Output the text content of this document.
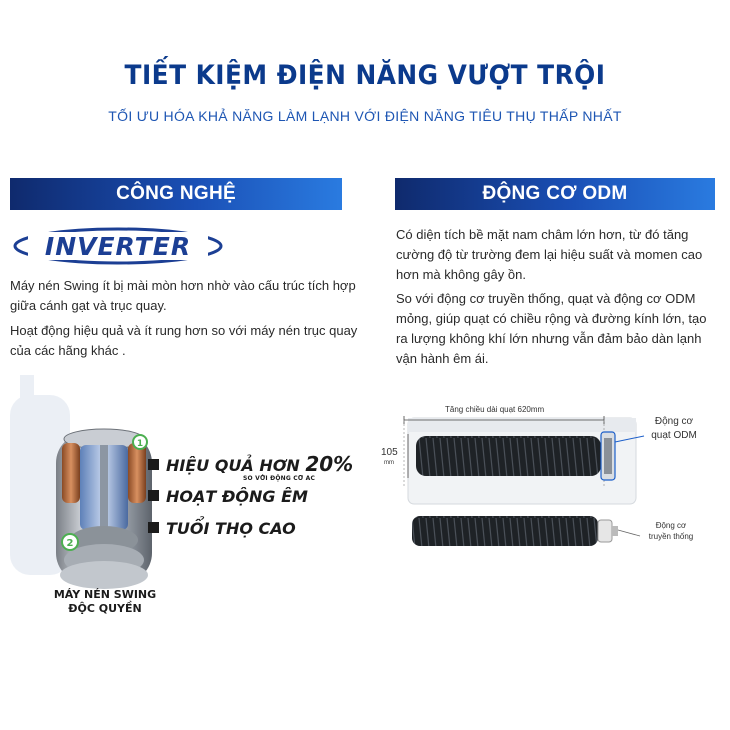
TIẾT KIỆM ĐIỆN NĂNG VƯỢT TRỘI
TỐI ƯU HÓA KHẢ NĂNG LÀM LẠNH VỚI ĐIỆN NĂNG TIÊU THỤ THẤP NHẤT
CÔNG NGHỆ
INVERTER
Máy nén Swing ít bị mài mòn hơn nhờ vào cấu trúc tích hợp giữa cánh gạt và trục quay.
Hoạt động hiệu quả và ít rung hơn so với máy nén trục quay của các hãng khác .
1
2
HIỆU QUẢ HƠN 20%
SO VỚI ĐỘNG CƠ AC
HOẠT ĐỘNG ÊM
TUỔI THỌ CAO
MÁY NÉN SWING
ĐỘC QUYỀN
ĐỘNG CƠ ODM
Có diện tích bề mặt nam châm lớn hơn, từ đó tăng cường độ từ trường đem lại hiệu suất và momen cao hơn mà không gây ồn.
So với động cơ truyền thống, quạt và động cơ ODM mỏng, giúp quạt có chiều rộng và đường kính lớn, tạo ra lượng không khí lớn nhưng vẫn đảm bảo dàn lạnh vận hành êm ái.
Tăng chiều dài quạt 620mm
105
mm
Động cơ
quạt ODM
Động cơ
truyền thống
